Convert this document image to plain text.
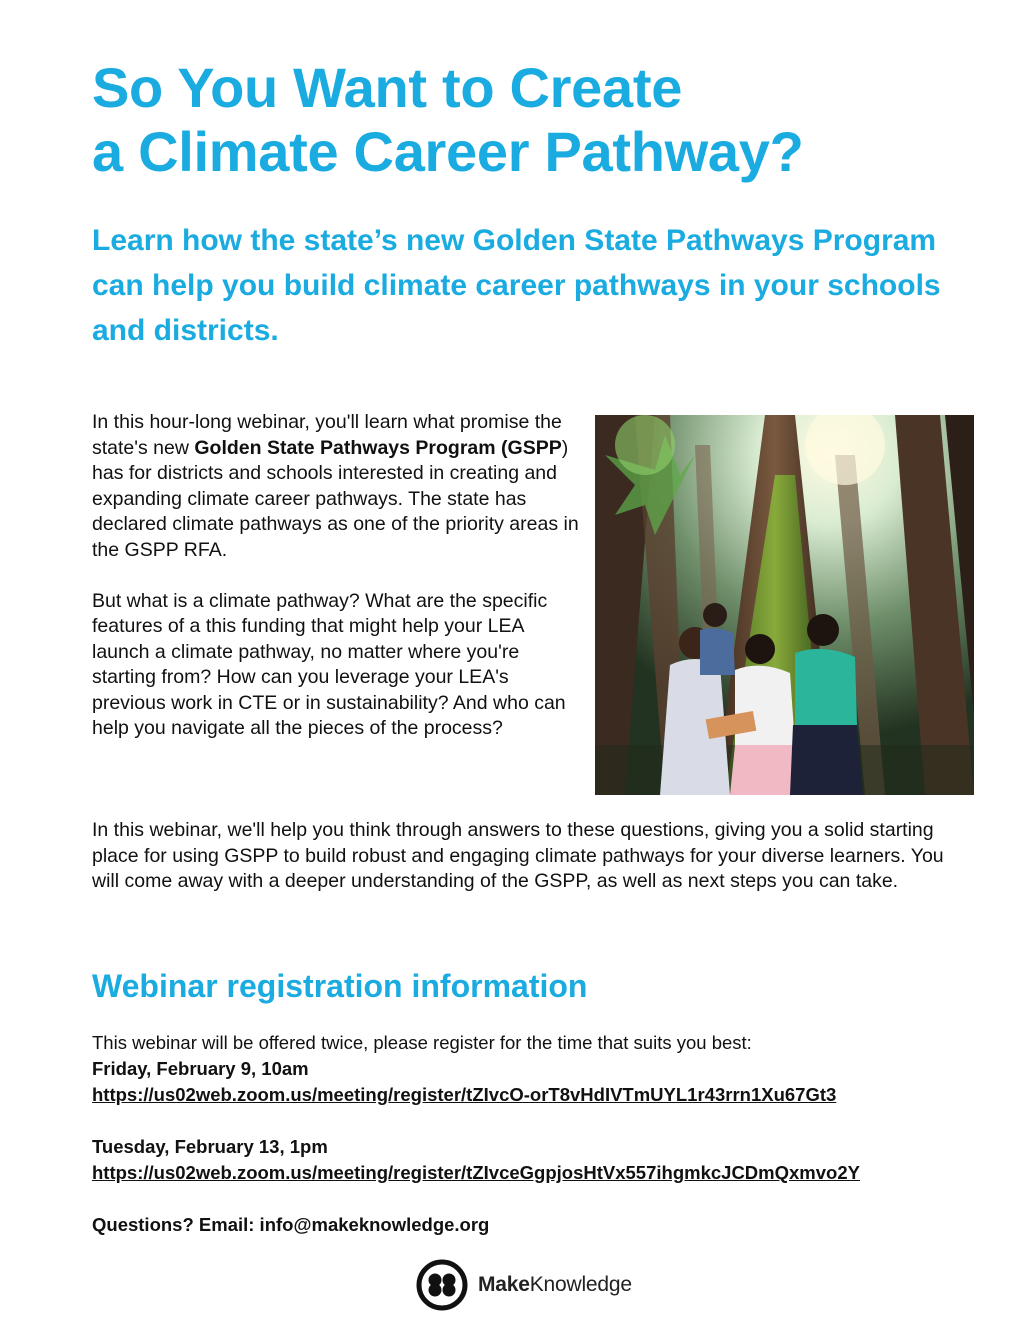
So You Want to Create
a Climate Career Pathway?
Learn how the state’s new Golden State Pathways Program can help you build climate career pathways in your schools and districts.

In this hour-long webinar, you'll learn what promise the state's new Golden State Pathways Program (GSPP) has for districts and schools interested in creating and expanding climate career pathways. The state has declared climate pathways as one of the priority areas in the GSPP RFA.

But what is a climate pathway? What are the specific features of a this funding that might help your LEA launch a climate pathway, no matter where you're starting from? How can you leverage your LEA's previous work in CTE or in sustainability? And who can help you navigate all the pieces of the process?

In this webinar, we'll help you think through answers to these questions, giving you a solid starting place for using GSPP to build robust and engaging climate pathways for your diverse learners. You will come away with a deeper understanding of the GSPP, as well as next steps you can take.

Webinar registration information
This webinar will be offered twice, please register for the time that suits you best:
Friday, February 9, 10am
https://us02web.zoom.us/meeting/register/tZIvcO-orT8vHdIVTmUYL1r43rrn1Xu67Gt3
Tuesday, February 13, 1pm
https://us02web.zoom.us/meeting/register/tZIvceGgpjosHtVx557ihgmkcJCDmQxmvo2Y
Questions? Email: info@makeknowledge.org
MakeKnowledge
